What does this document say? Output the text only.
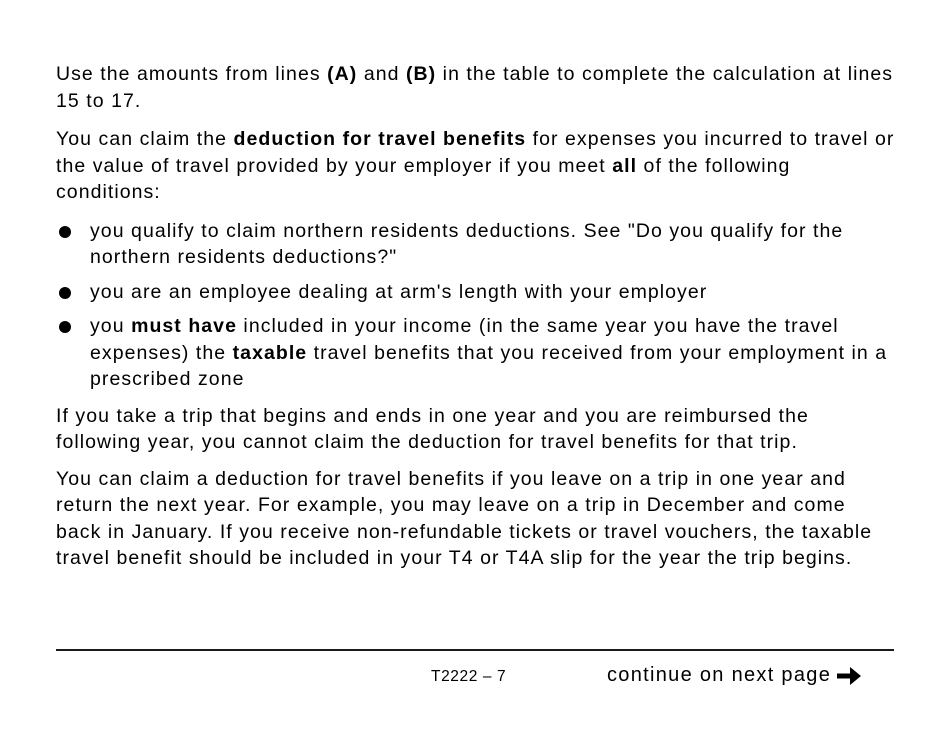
Use the amounts from lines (A) and (B) in the table to complete the calculation at lines 15 to 17.

You can claim the deduction for travel benefits for expenses you incurred to travel or the value of travel provided by your employer if you meet all of the following conditions:

you qualify to claim northern residents deductions. See "Do you qualify for the northern residents deductions?"
you are an employee dealing at arm's length with your employer
you must have included in your income (in the same year you have the travel expenses) the taxable travel benefits that you received from your employment in a prescribed zone

If you take a trip that begins and ends in one year and you are reimbursed the following year, you cannot claim the deduction for travel benefits for that trip.

You can claim a deduction for travel benefits if you leave on a trip in one year and return the next year. For example, you may leave on a trip in December and come back in January. If you receive non-refundable tickets or travel vouchers, the taxable travel benefit should be included in your T4 or T4A slip for the year the trip begins.

T2222 – 7	continue on next page
